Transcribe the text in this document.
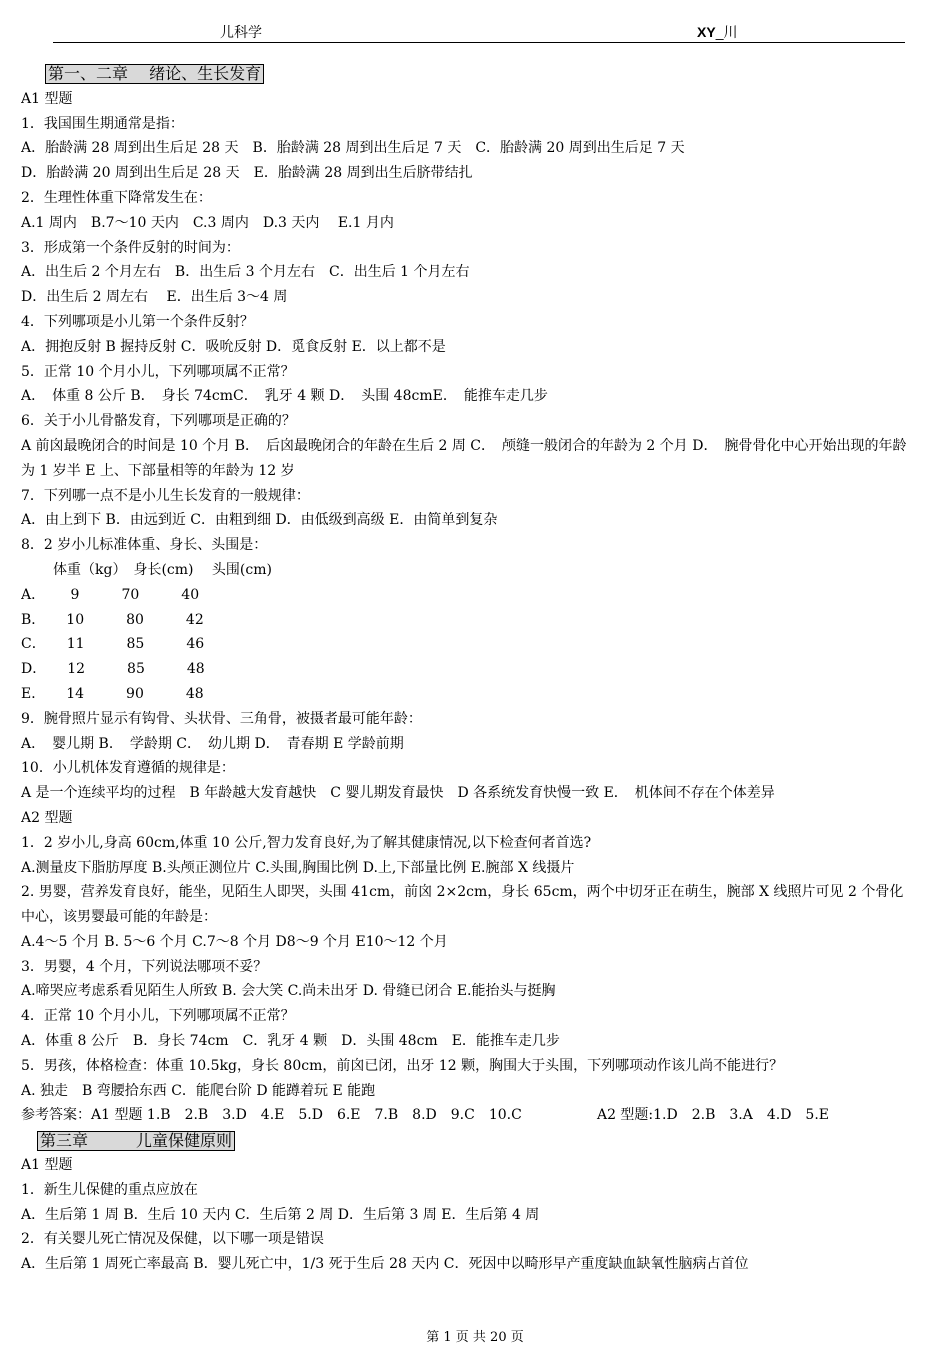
儿科学	XY_川
第一、二章　 绪论、生长发育
A1 型题
1．我国围生期通常是指：
A．胎龄满 28 周到出生后足 28 天　B．胎龄满 28 周到出生后足 7 天　C．胎龄满 20 周到出生后足 7 天
D．胎龄满 20 周到出生后足 28 天　E．胎龄满 28 周到出生后脐带结扎
2．生理性体重下降常发生在：
A.1 周内　B.7～10 天内　C.3 周内　D.3 天内　 E.1 月内
3．形成第一个条件反射的时间为：
A．出生后 2 个月左右　B．出生后 3 个月左右　C．出生后 1 个月左右
D．出生后 2 周左右　 E．出生后 3～4 周
4．下列哪项是小儿第一个条件反射？
A．拥抱反射 B 握持反射 C．吸吮反射 D．觅食反射 E．以上都不是
5．正常 10 个月小儿，下列哪项属不正常？
A．　体重 8 公斤 B．　身长 74cmC．　乳牙 4 颗 D．　头围 48cmE．　能推车走几步
6．关于小儿骨骼发育，下列哪项是正确的？
A 前囟最晚闭合的时间是 10 个月 B．　后囟最晚闭合的年龄在生后 2 周 C．　颅缝一般闭合的年龄为 2 个月 D．　腕骨骨化中心开始出现的年龄为 1 岁半 E 上、下部量相等的年龄为 12 岁
7．下列哪一点不是小儿生长发育的一般规律：
A．由上到下 B．由远到近 C．由粗到细 D．由低级到高级 E．由简单到复杂
8．2 岁小儿标准体重、身长、头围是：
体重（kg）　身长(cm)　 头围(cm)
A．　　 9　　　70　　　40
B．　　10　　　80　　　42
C．　　11　　　85　　　46
D．　　12　　　85　　　48
E．　　14　　　90　　　48
9．腕骨照片显示有钩骨、头状骨、三角骨，被摄者最可能年龄：
A．　婴儿期 B．　学龄期 C．　幼儿期 D．　青春期 E 学龄前期
10．小儿机体发育遵循的规律是：
A 是一个连续平均的过程　B 年龄越大发育越快　C 婴儿期发育最快　D 各系统发育快慢一致 E．　机体间不存在个体差异
A2 型题
1．2 岁小儿,身高 60cm,体重 10 公斤,智力发育良好,为了解其健康情况,以下检查何者首选?
A.测量皮下脂肪厚度 B.头颅正测位片 C.头围,胸围比例 D.上,下部量比例 E.腕部 X 线摄片
2. 男婴，营养发育良好，能坐，见陌生人即哭，头围 41cm，前囟 2×2cm，身长 65cm，两个中切牙正在萌生，腕部 X 线照片可见 2 个骨化中心，该男婴最可能的年龄是：
A.4～5 个月 B. 5～6 个月 C.7～8 个月 D8～9 个月 E10～12 个月
3．男婴，4 个月，下列说法哪项不妥？
A.啼哭应考虑系看见陌生人所致 B. 会大笑 C.尚未出牙 D. 骨缝已闭合 E.能抬头与挺胸
4．正常 10 个月小儿，下列哪项属不正常？
A．体重 8 公斤　B．身长 74cm　C．乳牙 4 颗　D．头围 48cm　E．能推车走几步
5．男孩，体格检查：体重 10.5kg，身长 80cm，前囟已闭，出牙 12 颗，胸围大于头围，下列哪项动作该儿尚不能进行？
A. 独走　B 弯腰拾东西 C．能爬台阶 D 能蹲着玩 E 能跑
参考答案：A1 型题 1.B　2.B　3.D　4.E　5.D　6.E　7.B　8.D　9.C　10.C	A2 型题:1.D　2.B　3.A　4.D　5.E
第三章　　　儿童保健原则
A1 型题
1．新生儿保健的重点应放在
A．生后第 1 周 B．生后 10 天内 C．生后第 2 周 D．生后第 3 周 E．生后第 4 周
2．有关婴儿死亡情况及保健，以下哪一项是错误
A．生后第 1 周死亡率最高 B．婴儿死亡中，1/3 死于生后 28 天内 C．死因中以畸形早产重度缺血缺氧性脑病占首位
第 1 页 共 20 页
